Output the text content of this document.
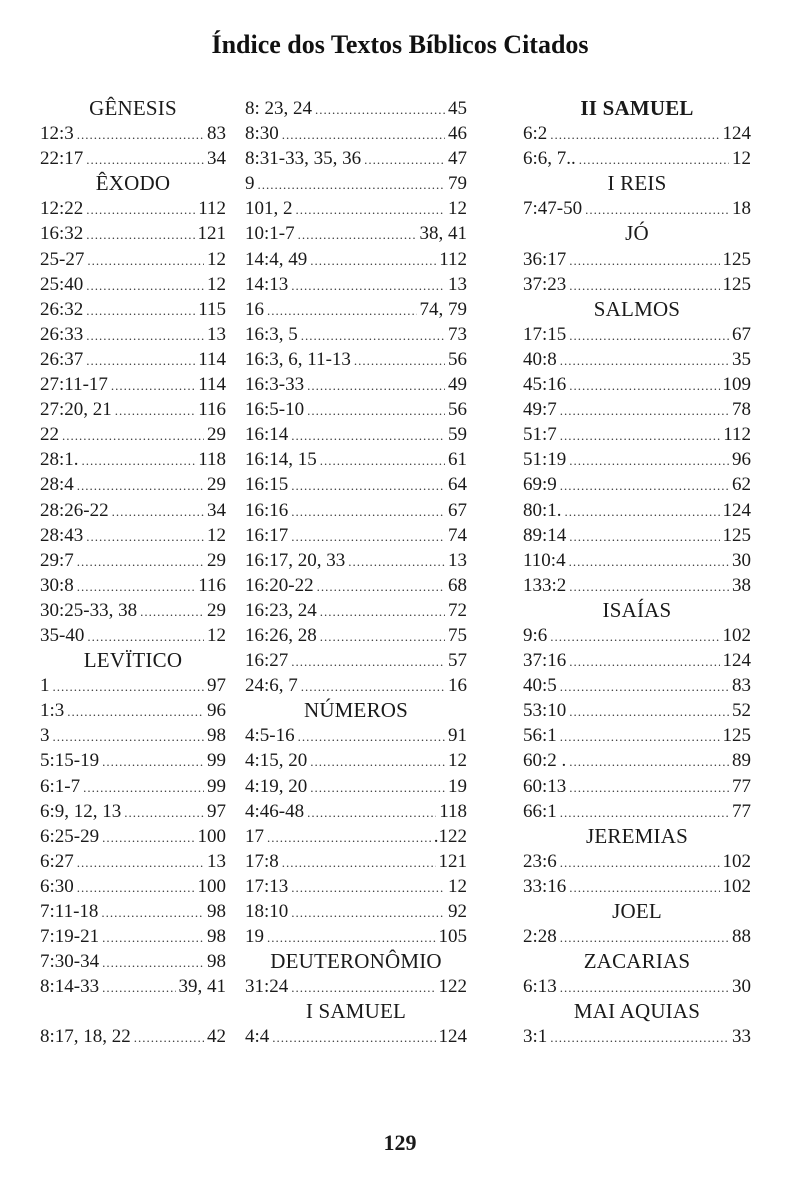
Índice dos Textos Bíblicos Citados
GÊNESIS
12:3 .....	83
22:17 .....	34
ÊXODO
12:22 .....	112
16:32 .....	121
25-27 .....	12
25:40 .....	12
26:32 .....	115
26:33 .....	13
26:37 .....	114
27:11-17 .....	114
27:20, 21 .....	116
22 .....	29
28:1. .....	118
28:4 .....	29
28:26-22 .....	34
28:43 .....	12
29:7 .....	29
30:8 .....	116
30:25-33, 38 .....	29
35-40 .....	12
LEVÏTICO
1 .....	97
1:3 .....	96
3 .....	98
5:15-19 .....	99
6:1-7 .....	99
6:9, 12, 13 .....	97
6:25-29 .....	100
6:27 .....	13
6:30 .....	100
7:11-18 .....	98
7:19-21 .....	98
7:30-34 .....	98
8:14-33 .....	39, 41
8:17, 18, 22 .....	42
8: 23, 24 .....	45
8:30 .....	46
8:31-33, 35, 36 .....	47
9 .....	79
101, 2 .....	12
10:1-7 .....	38, 41
14:4, 49 .....	112
14:13 .....	13
16 .....	74, 79
16:3, 5 .....	73
16:3, 6, 11-13 .....	56
16:3-33 .....	49
16:5-10 .....	56
16:14 .....	59
16:14, 15 .....	61
16:15 .....	64
16:16 .....	67
16:17 .....	74
16:17, 20, 33 .....	13
16:20-22 .....	68
16:23, 24 .....	72
16:26, 28 .....	75
16:27 .....	57
24:6, 7 .....	16
NÚMEROS
4:5-16 .....	91
4:15, 20 .....	12
4:19, 20 .....	19
4:46-48 .....	118
17 .....	.122
17:8 .....	121
17:13 .....	12
18:10 .....	92
19 .....	105
DEUTERONÔMIO
31:24 .....	122
I SAMUEL
4:4 .....	124
II SAMUEL
6:2 .....	124
6:6, 7.. .....	12
I REIS
7:47-50 .....	18
JÓ
36:17 .....	125
37:23 .....	125
SALMOS
17:15 .....	67
40:8 .....	35
45:16 .....	109
49:7 .....	78
51:7 .....	112
51:19 .....	96
69:9 .....	62
80:1. .....	124
89:14 .....	125
110:4 .....	30
133:2 .....	38
ISAÍAS
9:6 .....	102
37:16 .....	124
40:5 .....	83
53:10 .....	52
56:1 .....	125
60:2 . .....	89
60:13 .....	77
66:1 .....	77
JEREMIAS
23:6 .....	102
33:16 .....	102
JOEL
2:28 .....	88
ZACARIAS
6:13 .....	30
MAI AQUIAS
3:1 .....	33
129
